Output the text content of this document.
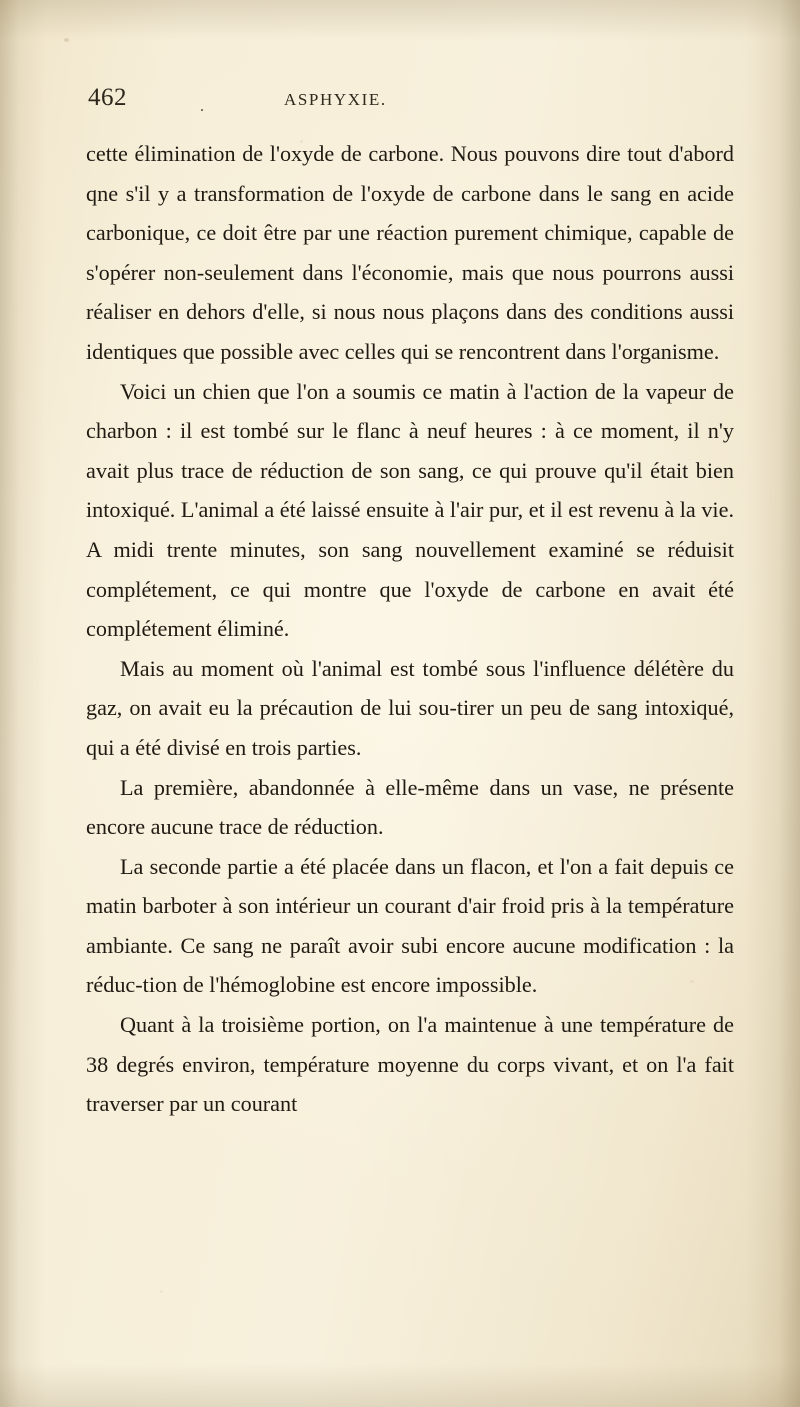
462	.	ASPHYXIE.

cette élimination de l'oxyde de carbone. Nous pouvons dire tout d'abord qne s'il y a transformation de l'oxyde de carbone dans le sang en acide carbonique, ce doit être par une réaction purement chimique, capable de s'opérer non-seulement dans l'économie, mais que nous pourrons aussi réaliser en dehors d'elle, si nous nous plaçons dans des conditions aussi identiques que possible avec celles qui se rencontrent dans l'organisme.

Voici un chien que l'on a soumis ce matin à l'action de la vapeur de charbon : il est tombé sur le flanc à neuf heures : à ce moment, il n'y avait plus trace de réduction de son sang, ce qui prouve qu'il était bien intoxiqué. L'animal a été laissé ensuite à l'air pur, et il est revenu à la vie. A midi trente minutes, son sang nouvellement examiné se réduisit complétement, ce qui montre que l'oxyde de carbone en avait été complétement éliminé.

Mais au moment où l'animal est tombé sous l'influence délétère du gaz, on avait eu la précaution de lui sou-tirer un peu de sang intoxiqué, qui a été divisé en trois parties.

La première, abandonnée à elle-même dans un vase, ne présente encore aucune trace de réduction.

La seconde partie a été placée dans un flacon, et l'on a fait depuis ce matin barboter à son intérieur un courant d'air froid pris à la température ambiante. Ce sang ne paraît avoir subi encore aucune modification : la réduc-tion de l'hémoglobine est encore impossible.

Quant à la troisième portion, on l'a maintenue à une température de 38 degrés environ, température moyenne du corps vivant, et on l'a fait traverser par un courant
